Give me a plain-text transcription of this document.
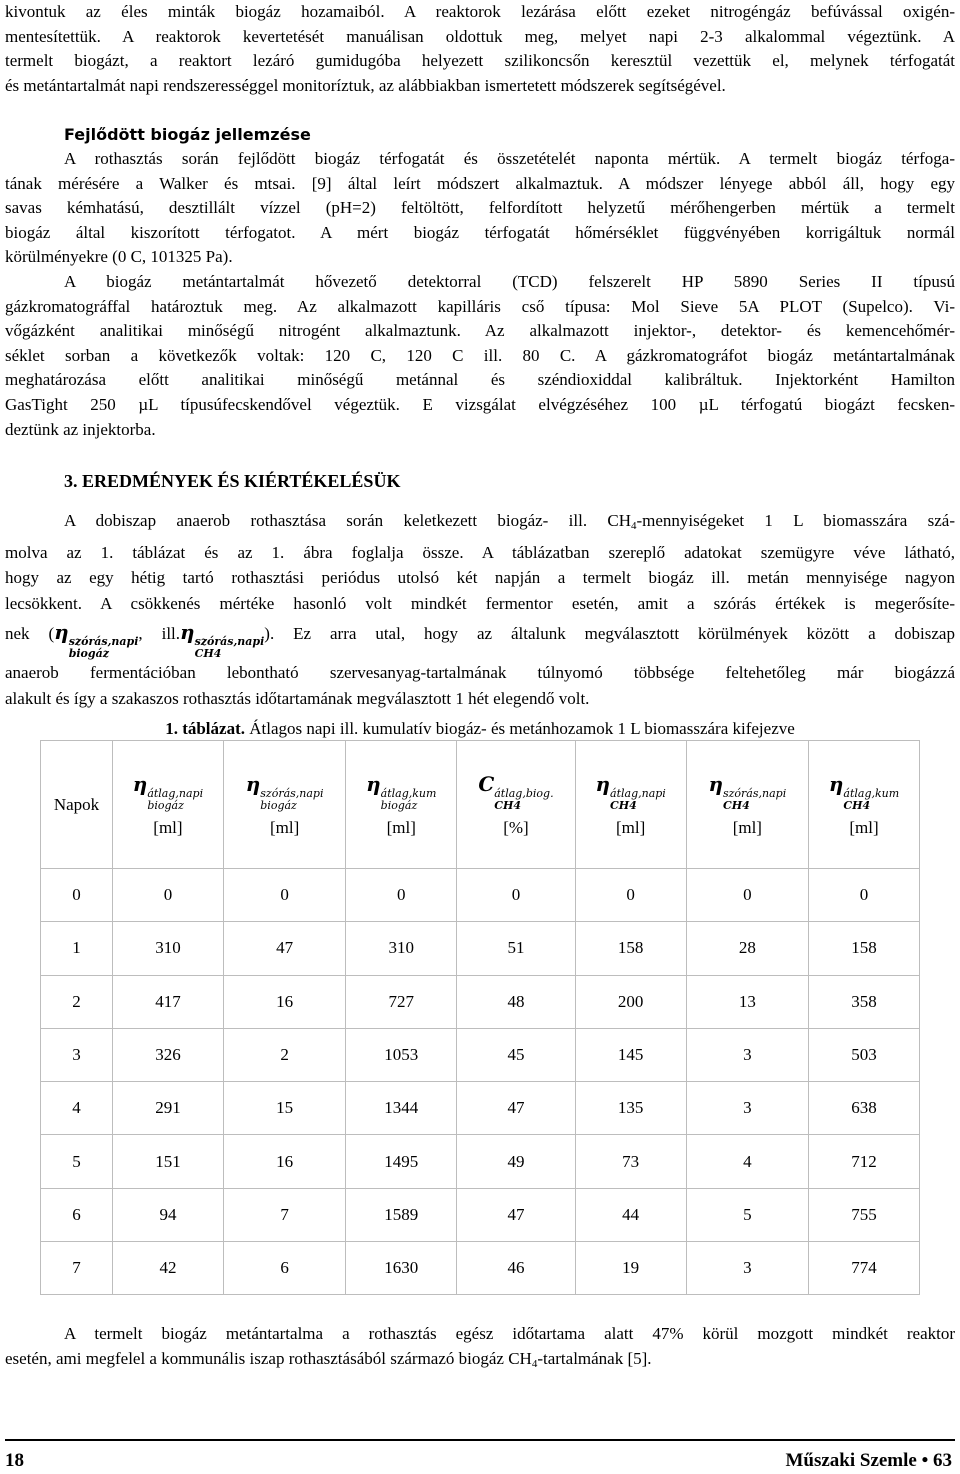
kivontuk az éles minták biogáz hozamaiból. A reaktorok lezárása előtt ezeket nitrogéngáz befúvással oxigén-
mentesítettük. A reaktorok kevertetését manuálisan oldottuk meg, melyet napi 2-3 alkalommal végeztünk. A
termelt biogázt, a reaktort lezáró gumidugóba helyezett szilikoncsőn keresztül vezettük el, melynek térfogatát
és metántartalmát napi rendszerességgel monitoríztuk, az alábbiakban ismertetett módszerek segítségével.

Fejlődött biogáz jellemzése

A rothasztás során fejlődött biogáz térfogatát és összetételét naponta mértük. A termelt biogáz térfoga-
tának mérésére a Walker és mtsai. [9] által leírt módszert alkalmaztuk. A módszer lényege abból áll, hogy egy
savas kémhatású, desztillált vízzel (pH=2) feltöltött, felfordított helyzetű mérőhengerben mértük a termelt
biogáz által kiszorított térfogatot. A mért biogáz térfogatát hőmérséklet függvényében korrigáltuk normál
körülményekre (0 C, 101325 Pa).
A biogáz metántartalmát hővezető detektorral (TCD) felszerelt HP 5890 Series II típusú
gázkromatográffal határoztuk meg. Az alkalmazott kapilláris cső típusa: Mol Sieve 5A PLOT (Supelco). Vi-
vőgázként analitikai minőségű nitrogént alkalmaztunk. Az alkalmazott injektor-, detektor- és kemencehőmér-
séklet sorban a következők voltak: 120 C, 120 C ill. 80 C. A gázkromatográfot biogáz metántartalmának
meghatározása előtt analitikai minőségű metánnal és széndioxiddal kalibráltuk. Injektorként Hamilton
GasTight 250 µL típusúfecskendővel végeztük. E vizsgálat elvégzéséhez 100 µL térfogatú biogázt fecsken-
deztünk az injektorba.

3. EREDMÉNYEK ÉS KIÉRTÉKELÉSÜK

A dobiszap anaerob rothasztása során keletkezett biogáz- ill. CH4-mennyiségeket 1 L biomasszára szá-
molva az 1. táblázat és az 1. ábra foglalja össze. A táblázatban szereplő adatokat szemügyre véve látható,
hogy az egy hétig tartó rothasztási periódus utolsó két napján a termelt biogáz ill. metán mennyisége nagyon
lecsökkent. A csökkenés mértéke hasonló volt mindkét fermentor esetén, amit a szórás értékek is megerősíte-
nek (η szórás,napi
biogáz
, ill.η szórás,napi
CH4
). Ez arra utal, hogy az általunk megválasztott körülmények között a dobiszap
anaerob fermentációban lebontható szervesanyag-tartalmának túlnyomó többsége feltehetőleg már biogázzá
alakult és így a szakaszos rothasztás időtartamának megválasztott 1 hét elegendő volt.

1. táblázat. Átlagos napi ill. kumulatív biogáz- és metánhozamok 1 L biomasszára kifejezve

Napok	η átlag,napi
biogáz
[ml]	η szórás,napi
biogáz
[ml]	η átlag,kum
biogáz
[ml]	C átlag,biog.
CH4
[%]	η átlag,napi
CH4
[ml]	η szórás,napi
CH4
[ml]	η átlag,kum
CH4
[ml]

0	0	0	0	0	0	0	0
1	310	47	310	51	158	28	158
2	417	16	727	48	200	13	358
3	326	2	1053	45	145	3	503
4	291	15	1344	47	135	3	638
5	151	16	1495	49	73	4	712
6	94	7	1589	47	44	5	755
7	42	6	1630	46	19	3	774

A termelt biogáz metántartalma a rothasztás egész időtartama alatt 47% körül mozgott mindkét reaktor
esetén, ami megfelel a kommunális iszap rothasztásából származó biogáz CH4-tartalmának [5].

18	Műszaki Szemle • 63
